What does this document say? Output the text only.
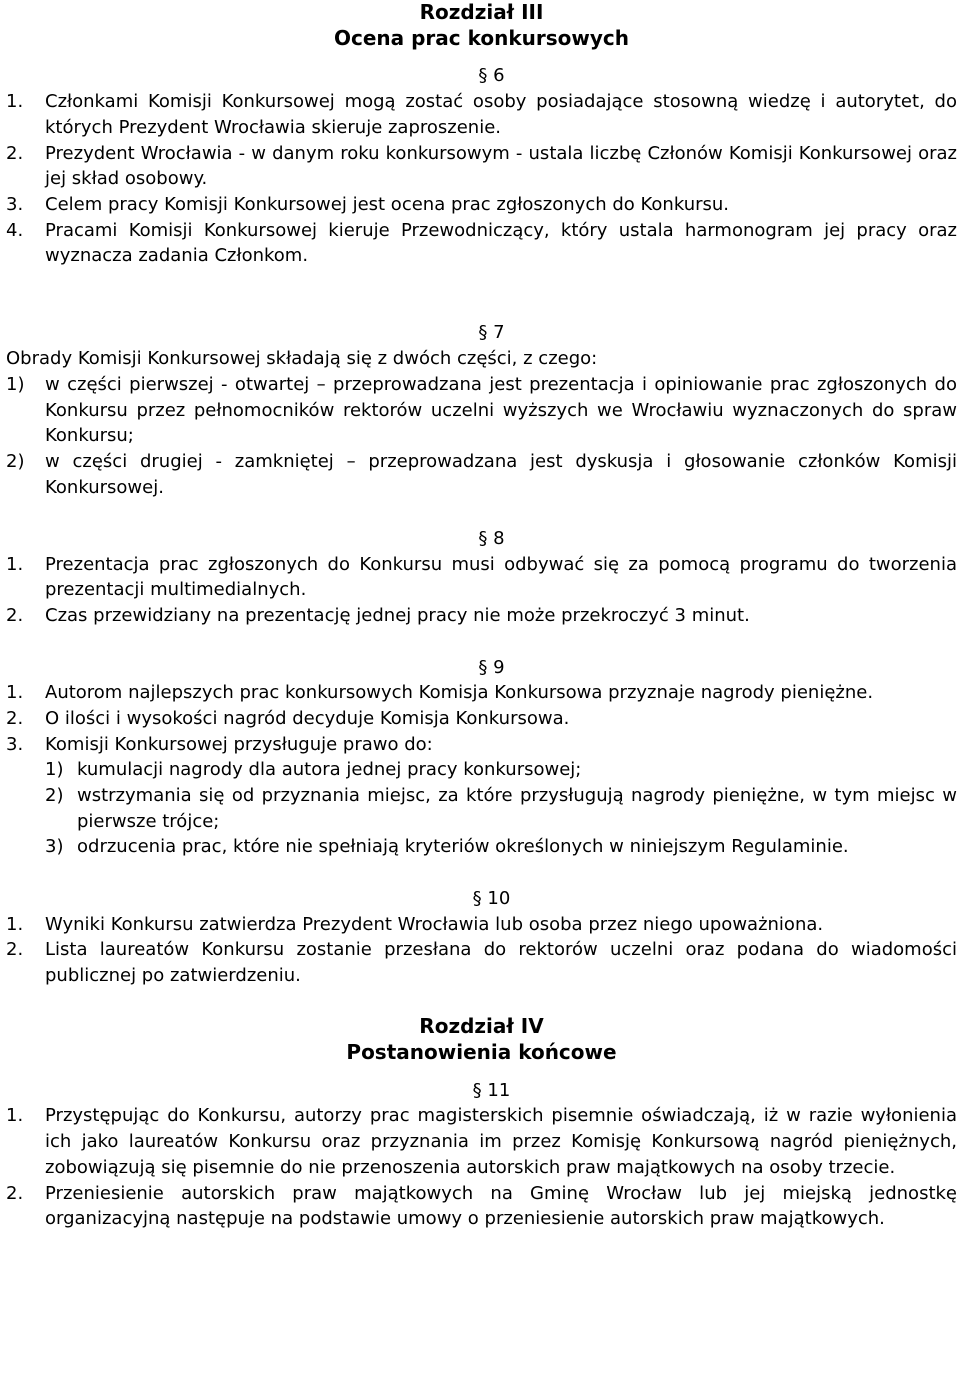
Rozdział III
Ocena prac konkursowych
§ 6
1.	Członkami Komisji Konkursowej mogą zostać osoby posiadające stosowną wiedzę i autorytet, do których Prezydent Wrocławia skieruje zaproszenie.
2.	Prezydent Wrocławia - w danym roku konkursowym - ustala liczbę Członów Komisji Konkursowej oraz jej skład osobowy.
3.	Celem pracy Komisji Konkursowej jest ocena prac zgłoszonych do Konkursu.
4.	Pracami Komisji Konkursowej kieruje Przewodniczący, który ustala harmonogram jej pracy oraz wyznacza zadania Członkom.
§ 7
Obrady Komisji Konkursowej składają się z dwóch części, z czego:
1)	w części pierwszej - otwartej – przeprowadzana jest prezentacja i opiniowanie prac zgłoszonych do Konkursu przez pełnomocników rektorów uczelni wyższych we Wrocławiu wyznaczonych do spraw Konkursu;
2)	w części drugiej - zamkniętej – przeprowadzana jest dyskusja i głosowanie członków Komisji Konkursowej.
§ 8
1.	Prezentacja prac zgłoszonych do Konkursu musi odbywać się za pomocą programu do tworzenia prezentacji multimedialnych.
2.	Czas przewidziany na prezentację jednej pracy nie może przekroczyć 3 minut.
§ 9
1.	Autorom najlepszych prac konkursowych Komisja Konkursowa przyznaje nagrody pieniężne.
2.	O ilości i wysokości nagród decyduje Komisja Konkursowa.
3.	Komisji Konkursowej przysługuje prawo do:
1) kumulacji nagrody dla autora jednej pracy konkursowej;
2) wstrzymania się od przyznania miejsc, za które przysługują nagrody pieniężne, w tym miejsc w pierwsze trójce;
3) odrzucenia prac, które nie spełniają kryteriów określonych w niniejszym Regulaminie.
§ 10
1.	Wyniki Konkursu zatwierdza Prezydent Wrocławia lub osoba przez niego upoważniona.
2.	Lista laureatów Konkursu zostanie przesłana do rektorów uczelni oraz podana do wiadomości publicznej po zatwierdzeniu.
Rozdział IV
Postanowienia końcowe
§ 11
1.	Przystępując do Konkursu, autorzy prac magisterskich pisemnie oświadczają, iż w razie wyłonienia ich jako laureatów Konkursu oraz przyznania im przez Komisję Konkursową nagród pieniężnych, zobowiązują się pisemnie do nie przenoszenia autorskich praw majątkowych na osoby trzecie.
2.	Przeniesienie autorskich praw majątkowych na Gminę Wrocław lub jej miejską jednostkę organizacyjną następuje na podstawie umowy o przeniesienie autorskich praw majątkowych.
